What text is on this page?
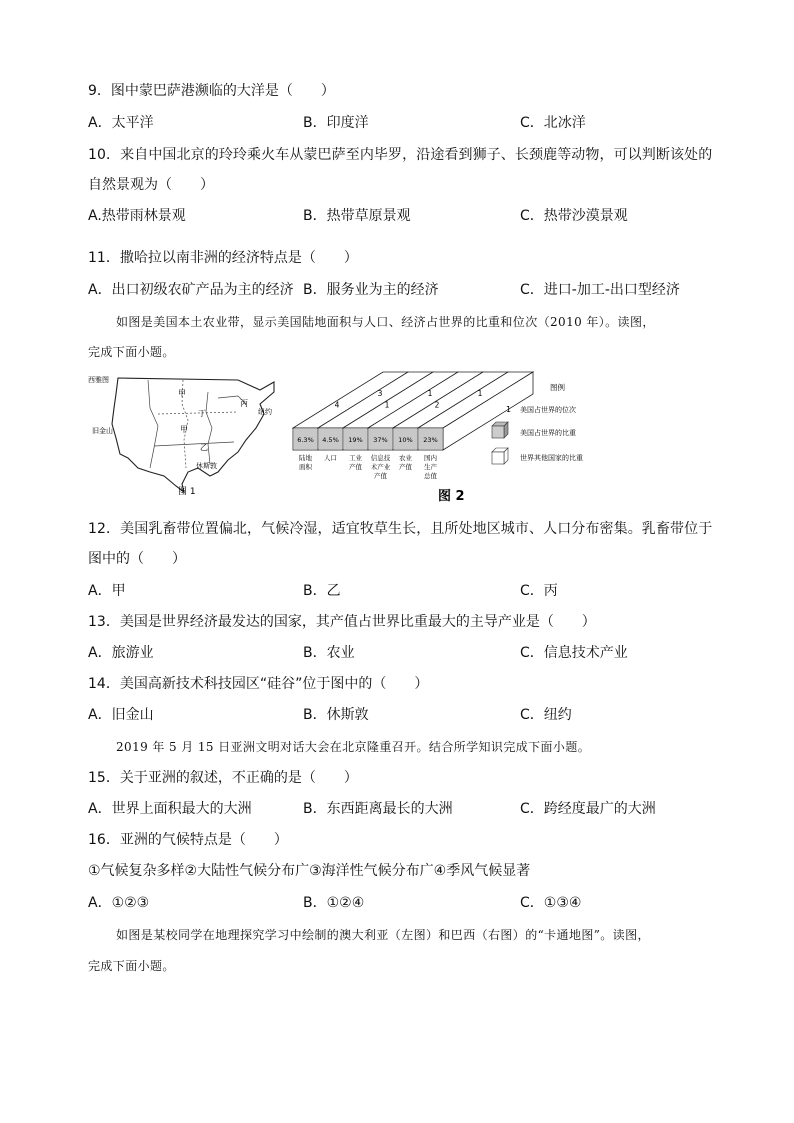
9．图中蒙巴萨港濒临的大洋是（　　）
A．太平洋	B．印度洋	C．北冰洋
10．来自中国北京的玲玲乘火车从蒙巴萨至内毕罗，沿途看到狮子、长颈鹿等动物，可以判断该处的
自然景观为（　　）
A.热带雨林景观	B．热带草原景观	C．热带沙漠景观
11．撒哈拉以南非洲的经济特点是（　　）
A．出口初级农矿产品为主的经济 B．服务业为主的经济	C．进口-加工-出口型经济
如图是美国本土农业带，显示美国陆地面积与人口、经济占世界的比重和位次（2010 年）。读图，
完成下面小题。
西雅图
旧金山
休斯敦
纽约
甲
丁
甲
乙
丙
图 1	图 2
6.3%
4
陆地
面积
4.5%
3
人口
19%
1
工业
产值
37%
1
信息技
术产业
产值
10%
2
农业
产值
23%
1
国内
生产
总值
图例
1 美国占世界的位次
美国占世界的比重
世界其他国家的比重
12．美国乳畜带位置偏北，气候冷湿，适宜牧草生长，且所处地区城市、人口分布密集。乳畜带位于
图中的（　　）
A．甲	B．乙	C．丙
13．美国是世界经济最发达的国家，其产值占世界比重最大的主导产业是（　　）
A．旅游业	B．农业	C．信息技术产业
14．美国高新技术科技园区“硅谷”位于图中的（　　）
A．旧金山	B．休斯敦	C．纽约
2019 年 5 月 15 日亚洲文明对话大会在北京隆重召开。结合所学知识完成下面小题。
15．关于亚洲的叙述，不正确的是（　　）
A．世界上面积最大的大洲	B．东西距离最长的大洲	C．跨经度最广的大洲
16．亚洲的气候特点是（　　）
①气候复杂多样②大陆性气候分布广③海洋性气候分布广④季风气候显著
A．①②③	B．①②④	C．①③④
如图是某校同学在地理探究学习中绘制的澳大利亚（左图）和巴西（右图）的“卡通地图”。读图，
完成下面小题。
